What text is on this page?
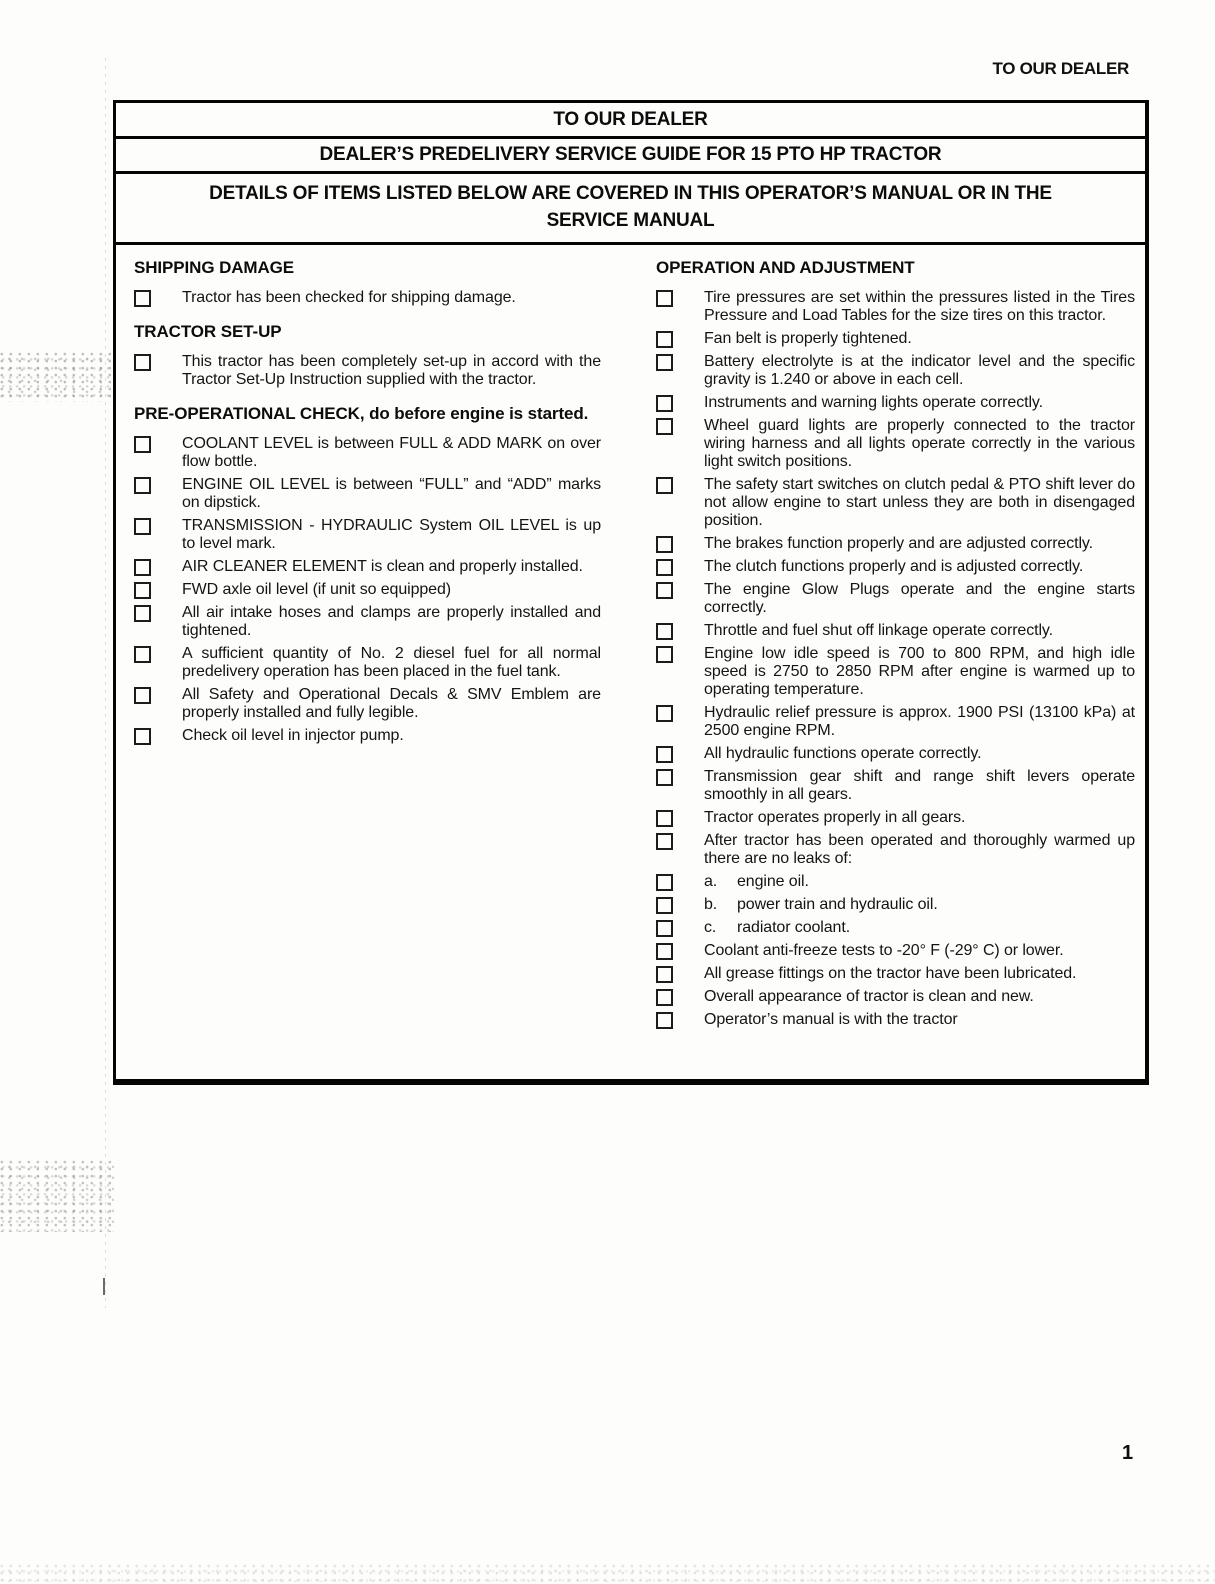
TO OUR DEALER
TO OUR DEALER
DEALER’S PREDELIVERY SERVICE GUIDE FOR 15 PTO HP TRACTOR
DETAILS OF ITEMS LISTED BELOW ARE COVERED IN THIS OPERATOR’S MANUAL OR IN THE
SERVICE MANUAL
SHIPPING DAMAGE
Tractor has been checked for shipping damage.
TRACTOR SET-UP
This tractor has been completely set-up in accord with the Tractor Set-Up Instruction supplied with the tractor.
PRE-OPERATIONAL CHECK, do before engine is started.
COOLANT LEVEL is between FULL & ADD MARK on over flow bottle.
ENGINE OIL LEVEL is between “FULL” and “ADD” marks on dipstick.
TRANSMISSION - HYDRAULIC System OIL LEVEL is up to level mark.
AIR CLEANER ELEMENT is clean and properly installed.
FWD axle oil level (if unit so equipped)
All air intake hoses and clamps are properly installed and tightened.
A sufficient quantity of No. 2 diesel fuel for all normal predelivery operation has been placed in the fuel tank.
All Safety and Operational Decals & SMV Emblem are properly installed and fully legible.
Check oil level in injector pump.
OPERATION AND ADJUSTMENT
Tire pressures are set within the pressures listed in the Tires Pressure and Load Tables for the size tires on this tractor.
Fan belt is properly tightened.
Battery electrolyte is at the indicator level and the specific gravity is 1.240 or above in each cell.
Instruments and warning lights operate correctly.
Wheel guard lights are properly connected to the tractor wiring harness and all lights operate correctly in the various light switch positions.
The safety start switches on clutch pedal & PTO shift lever do not allow engine to start unless they are both in disengaged position.
The brakes function properly and are adjusted correctly.
The clutch functions properly and is adjusted correctly.
The engine Glow Plugs operate and the engine starts correctly.
Throttle and fuel shut off linkage operate correctly.
Engine low idle speed is 700 to 800 RPM, and high idle speed is 2750 to 2850 RPM after engine is warmed up to operating temperature.
Hydraulic relief pressure is approx. 1900 PSI (13100 kPa) at 2500 engine RPM.
All hydraulic functions operate correctly.
Transmission gear shift and range shift levers operate smoothly in all gears.
Tractor operates properly in all gears.
After tractor has been operated and thoroughly warmed up there are no leaks of:
a. engine oil.
b. power train and hydraulic oil.
c. radiator coolant.
Coolant anti-freeze tests to -20° F (-29° C) or lower.
All grease fittings on the tractor have been lubricated.
Overall appearance of tractor is clean and new.
Operator’s manual is with the tractor
1
